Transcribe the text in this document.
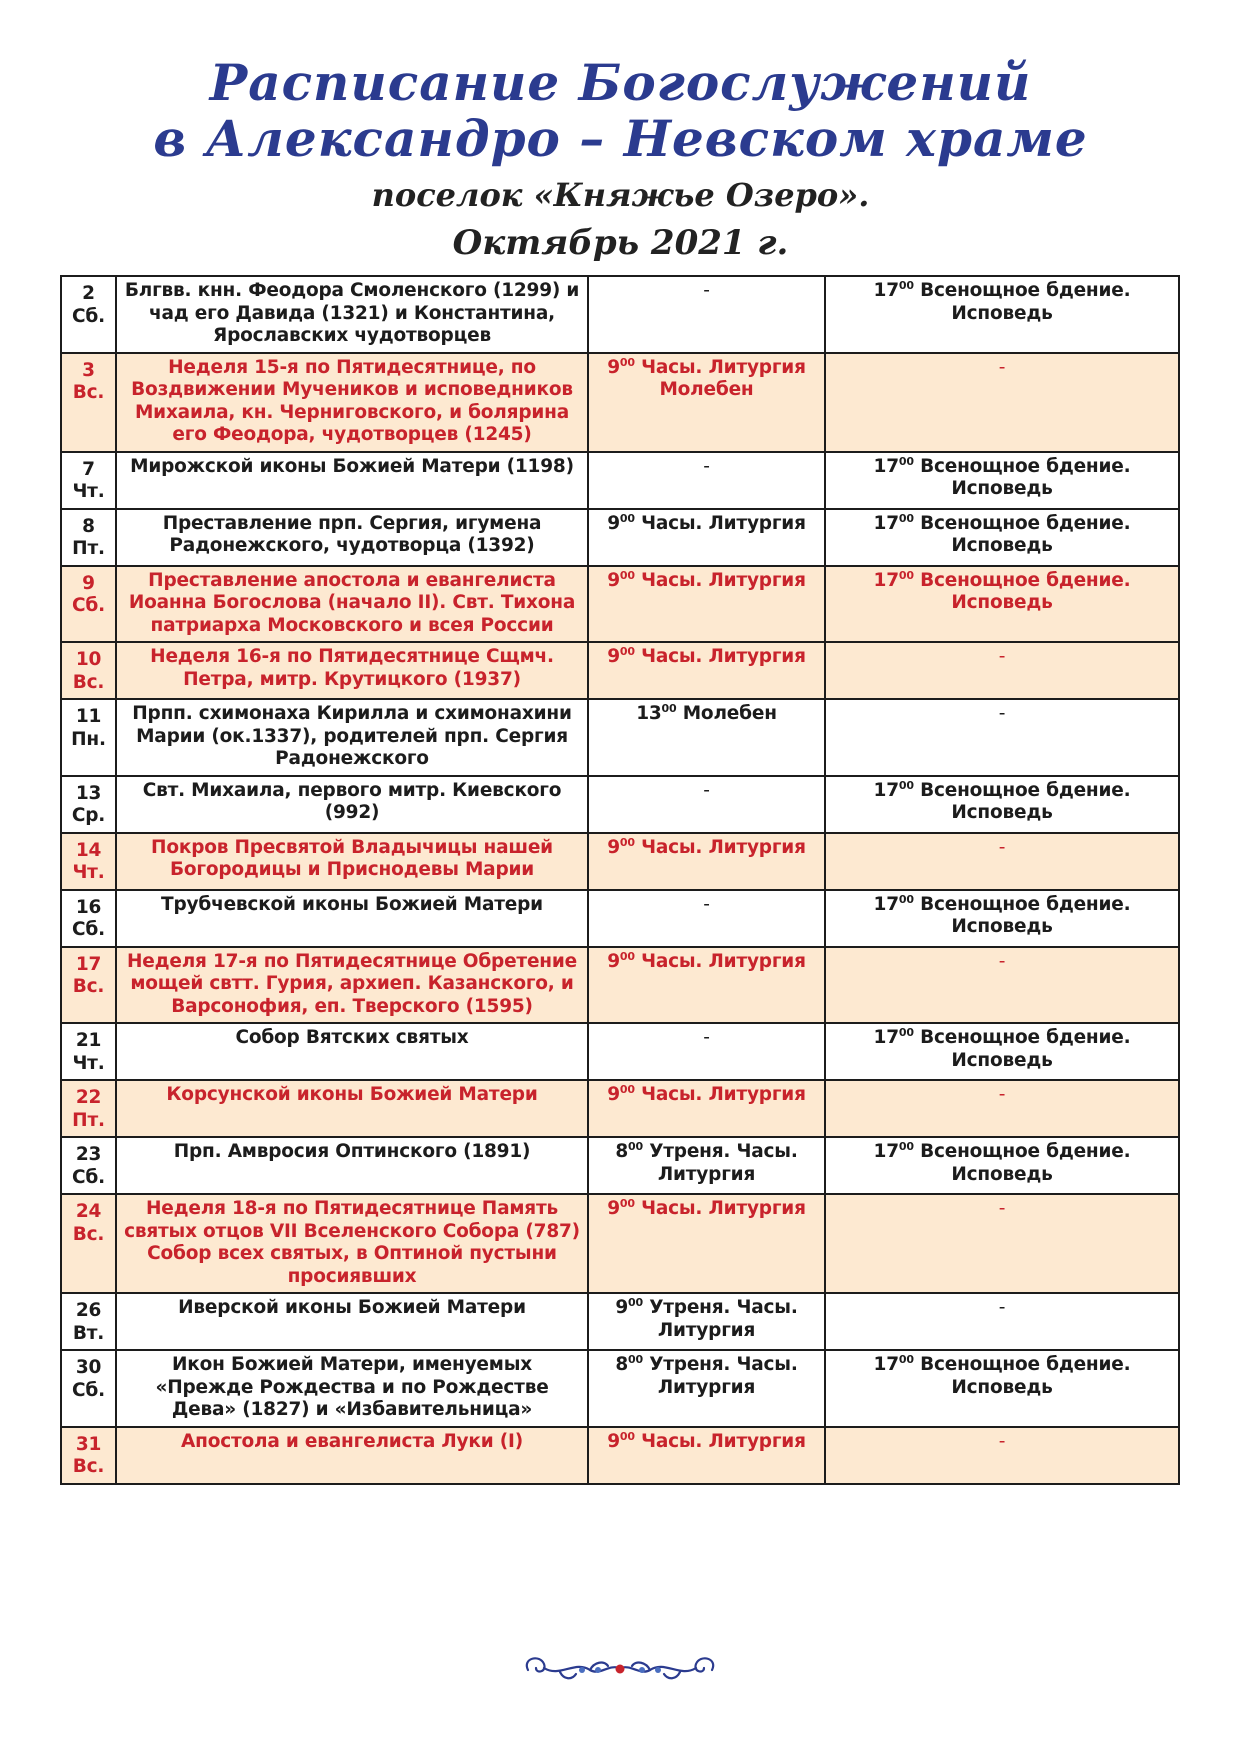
Расписание Богослужений
в Александро – Невском храме
поселок «Княжье Озеро».
Октябрь 2021 г.
2
Сб.	Блгвв. кнн. Феодора Смоленского (1299) и чад его Давида (1321) и Константина, Ярославских чудотворцев	-	$17^{00}$ Всенощное бдение. Исповедь

3
Вс.	Неделя 15-я по Пятидесятнице, по Воздвижении Мучеников и исповедников Михаила, кн. Черниговского, и болярина его Феодора, чудотворцев (1245)	$9^{00}$ Часы. Литургия Молебен	-

7
Чт.	Мирожской иконы Божией Матери (1198)	-	$17^{00}$ Всенощное бдение. Исповедь

8
Пт.	Преставление прп. Сергия, игумена Радонежского, чудотворца (1392)	$9^{00}$ Часы. Литургия	$17^{00}$ Всенощное бдение. Исповедь

9
Сб.	Преставление апостола и евангелиста Иоанна Богослова (начало II). Свт. Тихона патриарха Московского и всея России	$9^{00}$ Часы. Литургия	$17^{00}$ Всенощное бдение. Исповедь

10
Вс.	Неделя 16-я по Пятидесятнице Сщмч. Петра, митр. Крутицкого (1937)	$9^{00}$ Часы. Литургия	-

11
Пн.	Прпп. схимонаха Кирилла и схимонахини Марии (ок.1337), родителей прп. Сергия Радонежского	$13^{00}$ Молебен	-

13
Ср.	Свт. Михаила, первого митр. Киевского (992)	-	$17^{00}$ Всенощное бдение. Исповедь

14
Чт.	Покров Пресвятой Владычицы нашей Богородицы и Приснодевы Марии	$9^{00}$ Часы. Литургия	-

16
Сб.	Трубчевской иконы Божией Матери	-	$17^{00}$ Всенощное бдение. Исповедь

17
Вс.	Неделя 17-я по Пятидесятнице Обретение мощей свтт. Гурия, архиеп. Казанского, и Варсонофия, еп. Тверского (1595)	$9^{00}$ Часы. Литургия	-

21
Чт.	Собор Вятских святых	-	$17^{00}$ Всенощное бдение. Исповедь

22
Пт.	Корсунской иконы Божией Матери	$9^{00}$ Часы. Литургия	-

23
Сб.	Прп. Амвросия Оптинского (1891)	$8^{00}$ Утреня. Часы. Литургия	$17^{00}$ Всенощное бдение. Исповедь

24
Вс.	Неделя 18-я по Пятидесятнице Память святых отцов VII Вселенского Собора (787) Собор всех святых, в Оптиной пустыни просиявших	$9^{00}$ Часы. Литургия	-

26
Вт.	Иверской иконы Божией Матери	$9^{00}$ Утреня. Часы. Литургия	-

30
Сб.	Икон Божией Матери, именуемых «Прежде Рождества и по Рождестве Дева» (1827) и «Избавительница»	$8^{00}$ Утреня. Часы. Литургия	$17^{00}$ Всенощное бдение. Исповедь

31
Вс.	Апостола и евангелиста Луки (I)	$9^{00}$ Часы. Литургия	-
